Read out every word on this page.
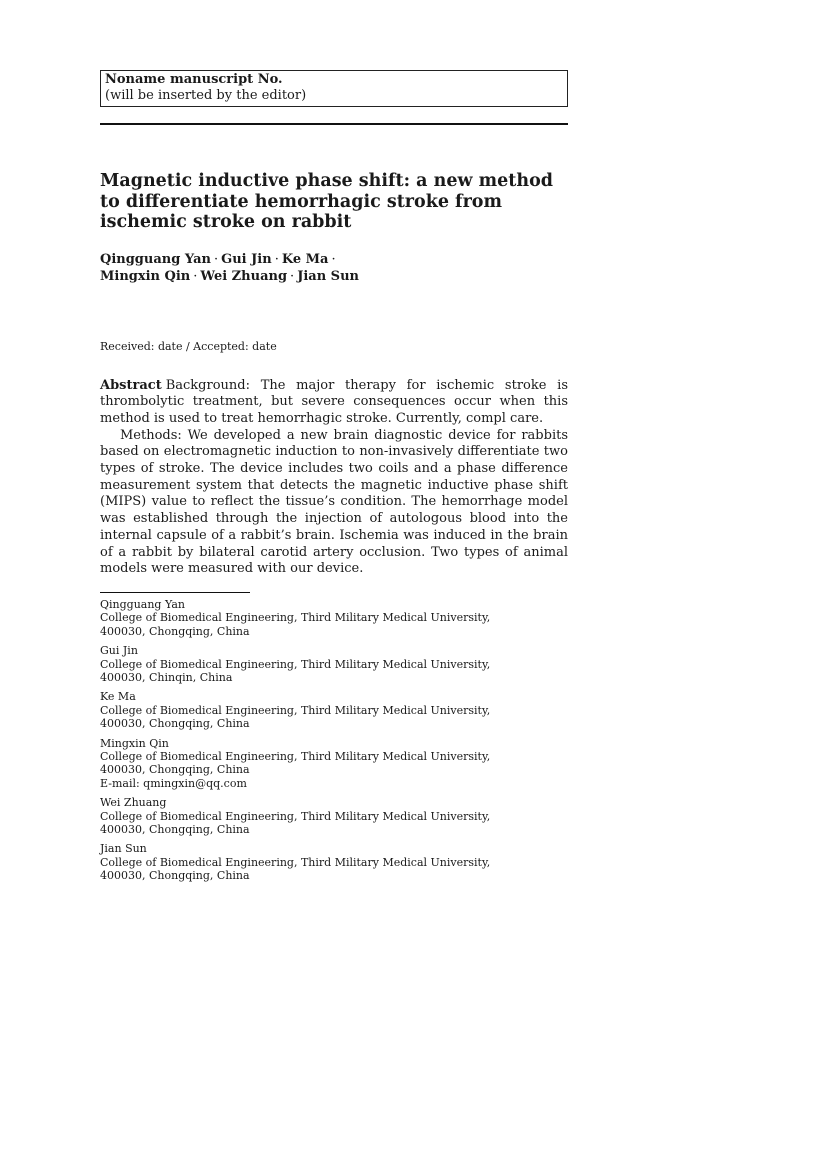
Noname manuscript No.
(will be inserted by the editor)
Magnetic inductive phase shift: a new method to differentiate hemorrhagic stroke from ischemic stroke on rabbit
Qingguang Yan · Gui Jin · Ke Ma ·
Mingxin Qin · Wei Zhuang · Jian Sun
Received: date / Accepted: date

Abstract Background: The major therapy for ischemic stroke is thrombolytic treatment, but severe consequences occur when this method is used to treat hemorrhagic stroke. Currently, compl care.

Methods: We developed a new brain diagnostic device for rabbits based on electromagnetic induction to non-invasively differentiate two types of stroke. The device includes two coils and a phase difference measurement system that detects the magnetic inductive phase shift (MIPS) value to reflect the tissue’s condition. The hemorrhage model was established through the injection of autologous blood into the internal capsule of a rabbit’s brain. Ischemia was induced in the brain of a rabbit by bilateral carotid artery occlusion. Two types of animal models were measured with our device.

Qingguang Yan
College of Biomedical Engineering, Third Military Medical University,
400030, Chongqing, China
Gui Jin
College of Biomedical Engineering, Third Military Medical University,
400030, Chinqin, China
Ke Ma
College of Biomedical Engineering, Third Military Medical University,
400030, Chongqing, China
Mingxin Qin
College of Biomedical Engineering, Third Military Medical University,
400030, Chongqing, China
E-mail: qmingxin@qq.com
Wei Zhuang
College of Biomedical Engineering, Third Military Medical University,
400030, Chongqing, China
Jian Sun
College of Biomedical Engineering, Third Military Medical University,
400030, Chongqing, China
